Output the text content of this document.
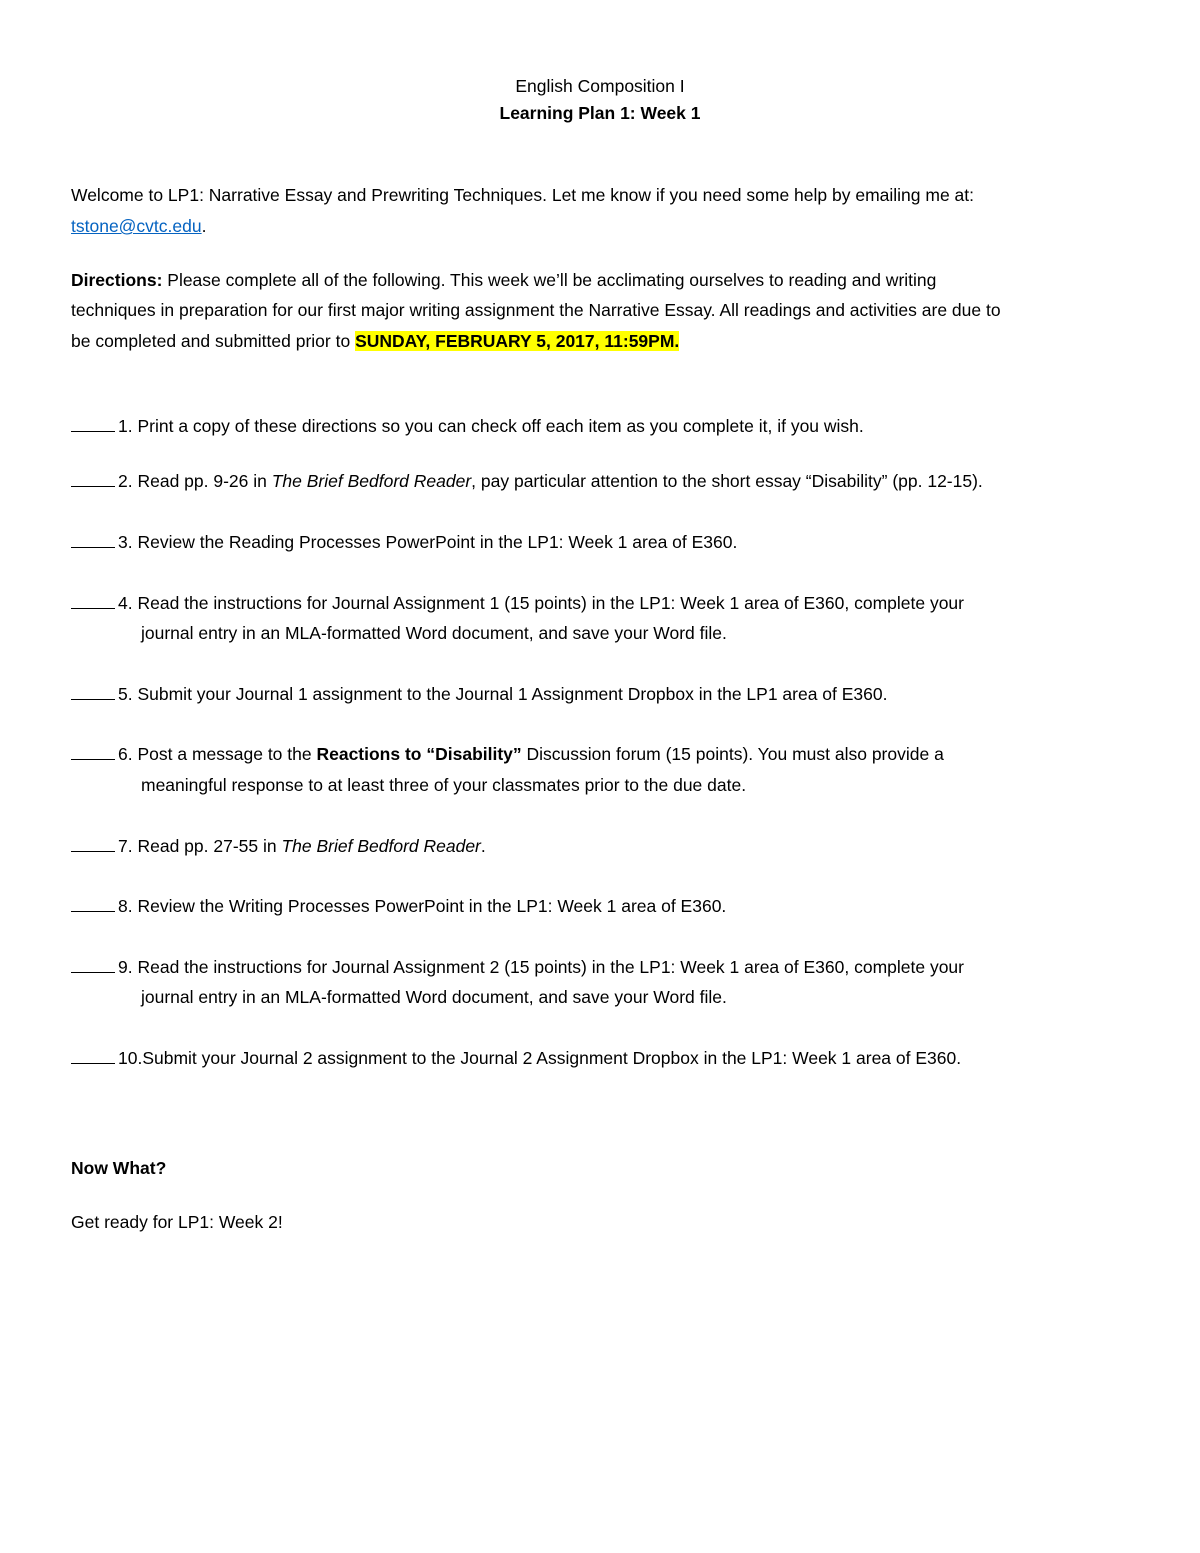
English Composition I
Learning Plan 1: Week 1
Welcome to LP1: Narrative Essay and Prewriting Techniques. Let me know if you need some help by emailing me at:
tstone@cvtc.edu.
Directions: Please complete all of the following. This week we’ll be acclimating ourselves to reading and writing
techniques in preparation for our first major writing assignment the Narrative Essay. All readings and activities are due to
be completed and submitted prior to SUNDAY, FEBRUARY 5, 2017, 11:59PM.
1. Print a copy of these directions so you can check off each item as you complete it, if you wish.
2. Read pp. 9-26 in The Brief Bedford Reader, pay particular attention to the short essay “Disability” (pp. 12-15).
3. Review the Reading Processes PowerPoint in the LP1: Week 1 area of E360.
4. Read the instructions for Journal Assignment 1 (15 points) in the LP1: Week 1 area of E360, complete your
journal entry in an MLA-formatted Word document, and save your Word file.
5. Submit your Journal 1 assignment to the Journal 1 Assignment Dropbox in the LP1 area of E360.
6. Post a message to the Reactions to “Disability” Discussion forum (15 points). You must also provide a
meaningful response to at least three of your classmates prior to the due date.
7. Read pp. 27-55 in The Brief Bedford Reader.
8. Review the Writing Processes PowerPoint in the LP1: Week 1 area of E360.
9. Read the instructions for Journal Assignment 2 (15 points) in the LP1: Week 1 area of E360, complete your
journal entry in an MLA-formatted Word document, and save your Word file.
10.Submit your Journal 2 assignment to the Journal 2 Assignment Dropbox in the LP1: Week 1 area of E360.
Now What?
Get ready for LP1: Week 2!
